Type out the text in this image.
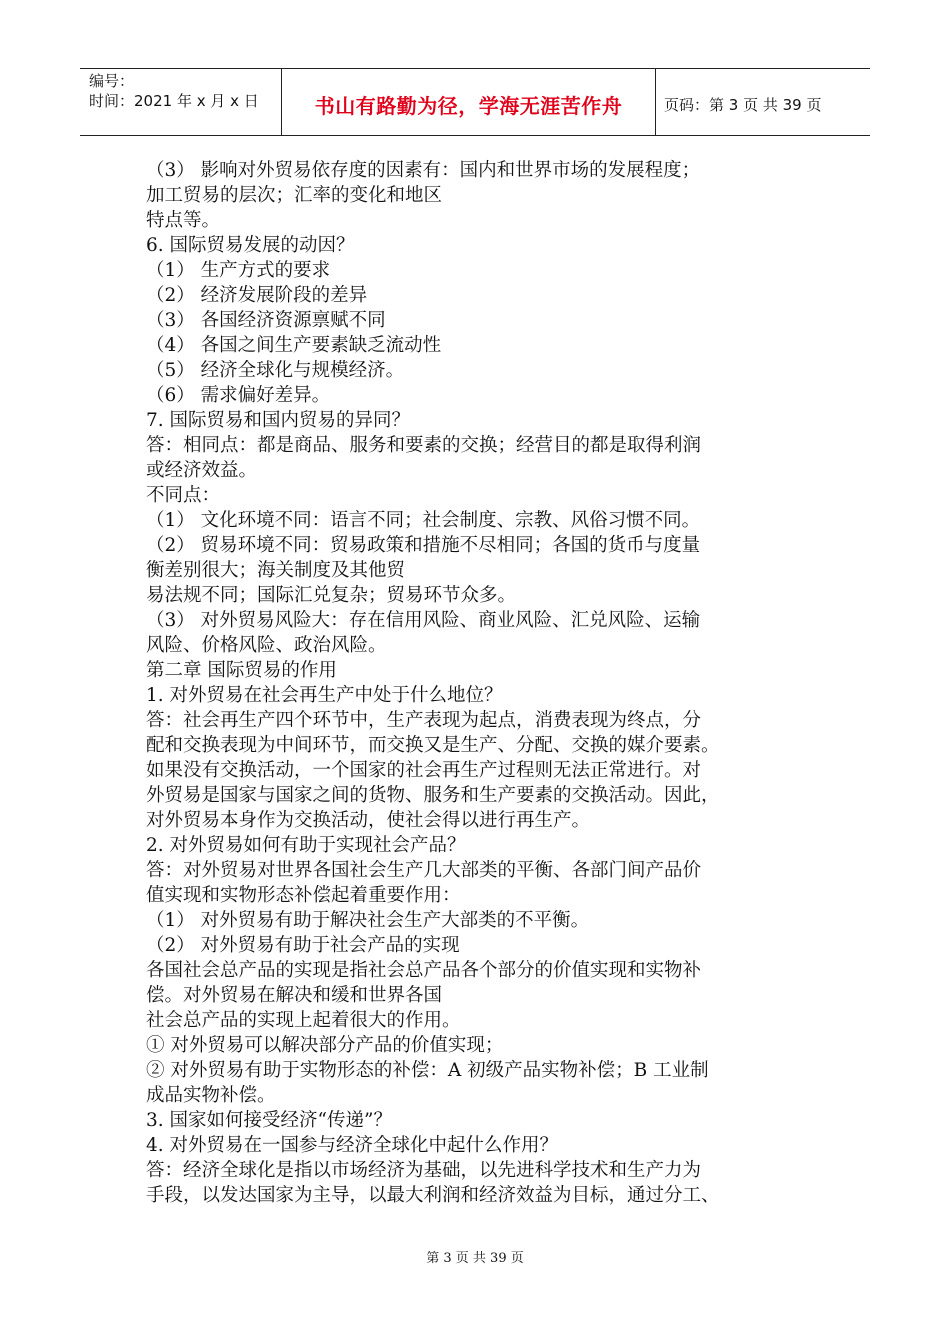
编号：
时间：2021 年 x 月 x 日	书山有路勤为径，学海无涯苦作舟	页码：第 3 页 共 39 页
（3） 影响对外贸易依存度的因素有：国内和世界市场的发展程度；
加工贸易的层次；汇率的变化和地区
特点等。
6. 国际贸易发展的动因？
（1） 生产方式的要求
（2） 经济发展阶段的差异
（3） 各国经济资源禀赋不同
（4） 各国之间生产要素缺乏流动性
（5） 经济全球化与规模经济。
（6） 需求偏好差异。
7. 国际贸易和国内贸易的异同？
答：相同点：都是商品、服务和要素的交换；经营目的都是取得利润
或经济效益。
不同点：
（1） 文化环境不同：语言不同；社会制度、宗教、风俗习惯不同。
（2） 贸易环境不同：贸易政策和措施不尽相同；各国的货币与度量
衡差别很大；海关制度及其他贸
易法规不同；国际汇兑复杂；贸易环节众多。
（3） 对外贸易风险大：存在信用风险、商业风险、汇兑风险、运输
风险、价格风险、政治风险。
第二章 国际贸易的作用
1. 对外贸易在社会再生产中处于什么地位？
答：社会再生产四个环节中，生产表现为起点，消费表现为终点，分
配和交换表现为中间环节，而交换又是生产、分配、交换的媒介要素。
如果没有交换活动，一个国家的社会再生产过程则无法正常进行。对
外贸易是国家与国家之间的货物、服务和生产要素的交换活动。因此，
对外贸易本身作为交换活动，使社会得以进行再生产。
2. 对外贸易如何有助于实现社会产品？
答：对外贸易对世界各国社会生产几大部类的平衡、各部门间产品价
值实现和实物形态补偿起着重要作用：
（1） 对外贸易有助于解决社会生产大部类的不平衡。
（2） 对外贸易有助于社会产品的实现
各国社会总产品的实现是指社会总产品各个部分的价值实现和实物补
偿。对外贸易在解决和缓和世界各国
社会总产品的实现上起着很大的作用。
① 对外贸易可以解决部分产品的价值实现；
② 对外贸易有助于实物形态的补偿：A 初级产品实物补偿；B 工业制
成品实物补偿。
3. 国家如何接受经济“传递”？
4. 对外贸易在一国参与经济全球化中起什么作用？
答：经济全球化是指以市场经济为基础，以先进科学技术和生产力为
手段，以发达国家为主导，以最大利润和经济效益为目标，通过分工、
第 3 页 共 39 页
